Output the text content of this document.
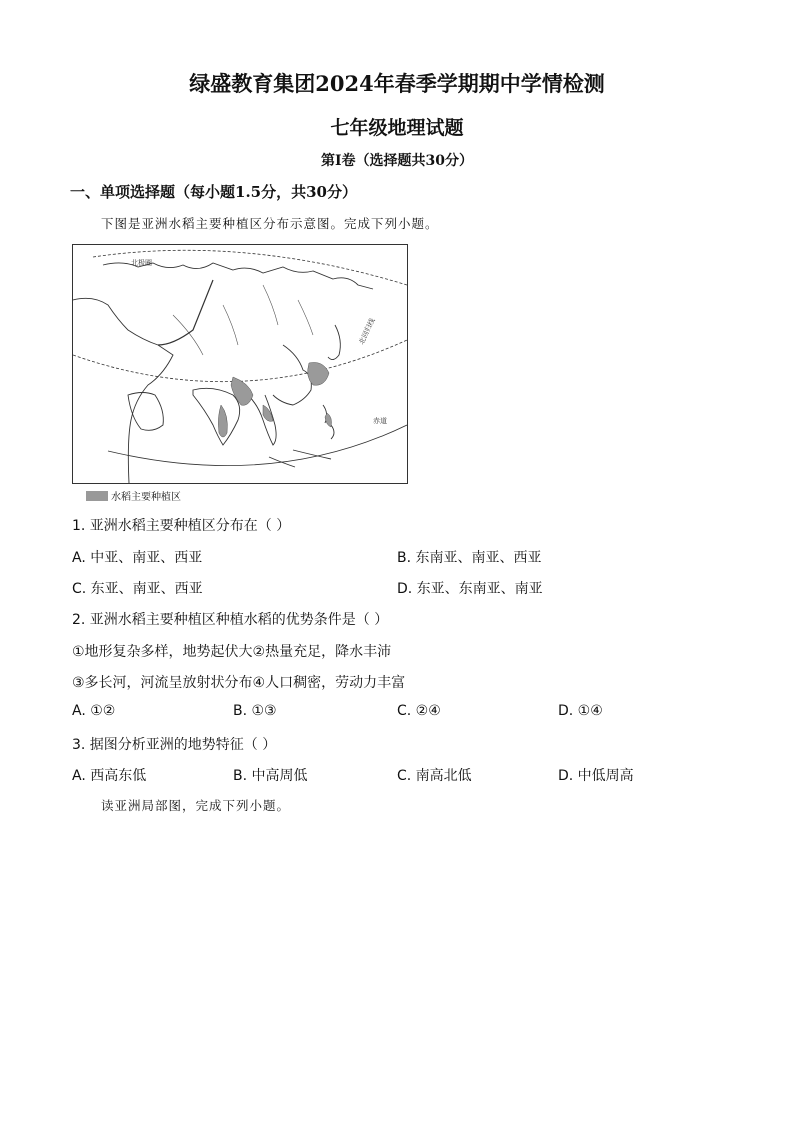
绿盛教育集团2024年春季学期期中学情检测
七年级地理试题
第Ⅰ卷（选择题共30分）
一、单项选择题（每小题1.5分，共30分）
下图是亚洲水稻主要种植区分布示意图。完成下列小题。
北极圈
北回归线
赤道
水稻主要种植区
1. 亚洲水稻主要种植区分布在（ ）
A. 中亚、南亚、西亚	B. 东南亚、南亚、西亚
C. 东亚、南亚、西亚	D. 东亚、东南亚、南亚
2. 亚洲水稻主要种植区种植水稻的优势条件是（ ）
①地形复杂多样，地势起伏大②热量充足，降水丰沛
③多长河，河流呈放射状分布④人口稠密，劳动力丰富
A. ①②	B. ①③	C. ②④	D. ①④
3. 据图分析亚洲的地势特征（ ）
A. 西高东低	B. 中高周低	C. 南高北低	D. 中低周高
读亚洲局部图，完成下列小题。
